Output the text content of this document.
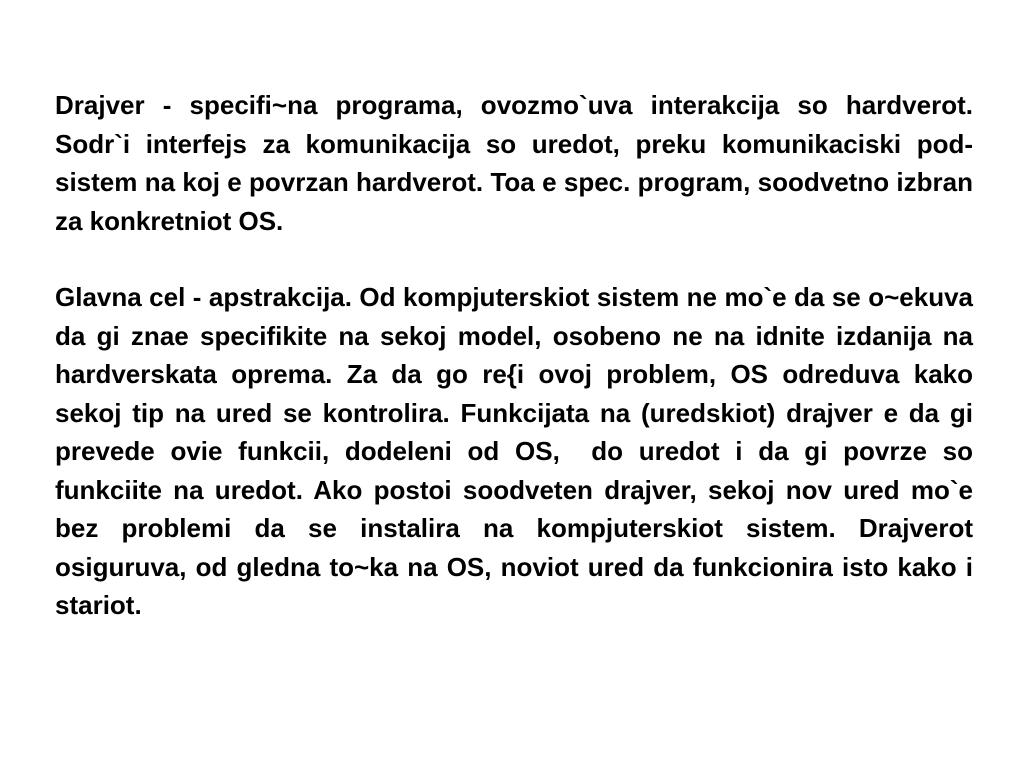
Drajver - specifi~na programa, ovozmo`uva interakcija so hardverot. Sodr`i interfejs za komunikacija so uredot, preku komunikaciski pod-sistem na koj e povrzan hardverot. Toa e spec. program, soodvetno izbran za konkretniot OS.

Glavna cel - apstrakcija. Od kompjuterskiot sistem ne mo`e da se o~ekuva da gi znae specifikite na sekoj model, osobeno ne na idnite izdanija na hardverskata oprema. Za da go re{i ovoj problem, OS odreduva kako sekoj tip na ured se kontrolira. Funkcijata na (uredskiot) drajver e da gi prevede ovie funkcii, dodeleni od OS,  do uredot i da gi povrze so funkciite na uredot. Ako postoi soodveten drajver, sekoj nov ured mo`e bez problemi da se instalira na kompjuterskiot sistem. Drajverot osiguruva, od gledna to~ka na OS, noviot ured da funkcionira isto kako i stariot.
